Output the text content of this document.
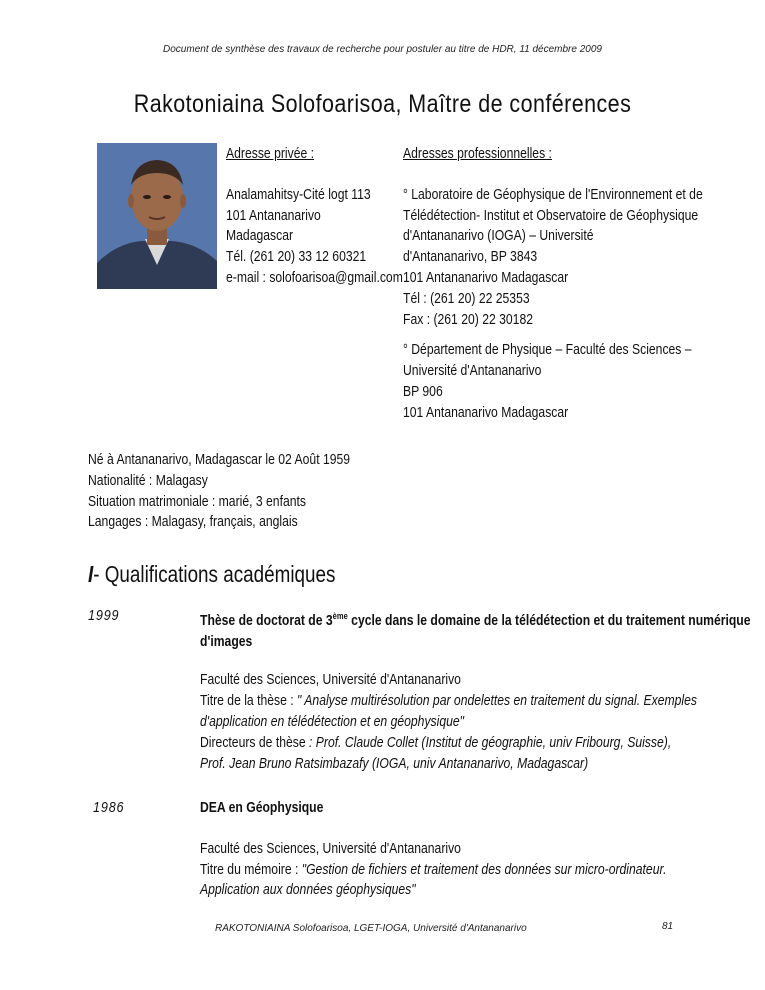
Document de synthèse des travaux de recherche pour postuler au titre de HDR, 11 décembre 2009
Rakotoniaina Solofoarisoa, Maître de conférences
Adresse privée :
Analamahitsy-Cité logt 113
101 Antananarivo
Madagascar
Tél. (261 20) 33 12 60321
e-mail : solofoarisoa@gmail.com
Adresses professionnelles :
° Laboratoire de Géophysique de l'Environnement et de
Télédétection- Institut et Observatoire de Géophysique
d'Antananarivo (IOGA) – Université
d'Antananarivo, BP 3843
101 Antananarivo Madagascar
Tél : (261 20) 22 25353
Fax : (261 20) 22 30182
° Département de Physique – Faculté des Sciences –
Université d'Antananarivo
BP 906
101 Antananarivo Madagascar
Né à Antananarivo, Madagascar le 02 Août 1959
Nationalité : Malagasy
Situation matrimoniale : marié, 3 enfants
Langages : Malagasy, français, anglais
I- Qualifications académiques
1999	Thèse de doctorat de 3ème cycle dans le domaine de la télédétection et du traitement numérique
d'images
Faculté des Sciences, Université d'Antananarivo
Titre de la thèse : " Analyse multirésolution par ondelettes en traitement du signal. Exemples
d'application en télédétection et en géophysique"
Directeurs de thèse : Prof. Claude Collet (Institut de géographie, univ Fribourg, Suisse),
Prof. Jean Bruno Ratsimbazafy (IOGA, univ Antananarivo, Madagascar)
1986	DEA en Géophysique
Faculté des Sciences, Université d'Antananarivo
Titre du mémoire : "Gestion de fichiers et traitement des données sur micro-ordinateur.
Application aux données géophysiques"
RAKOTONIAINA Solofoarisoa, LGET-IOGA, Université d'Antananarivo	81
